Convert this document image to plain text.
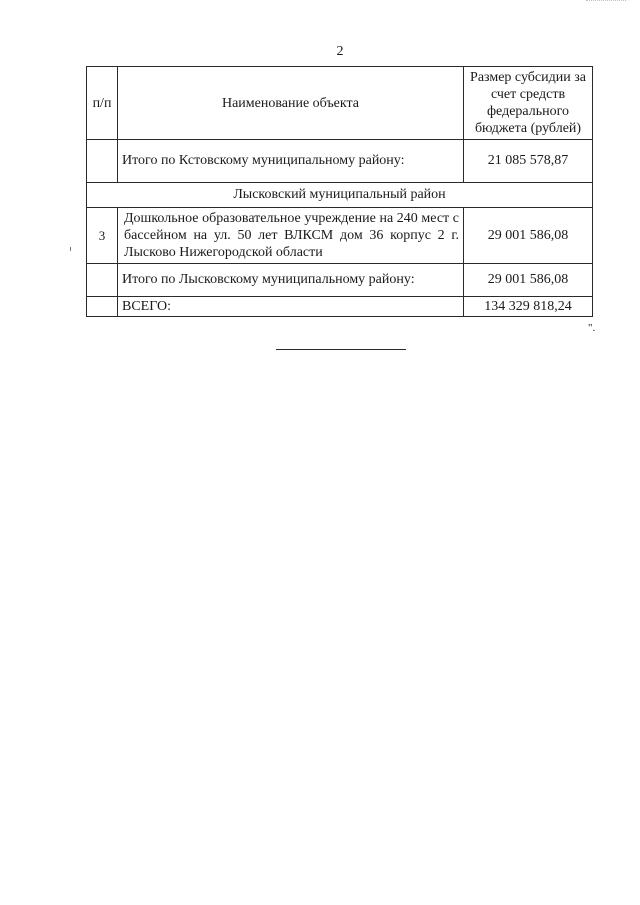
2
п/п	Наименование объекта	Размер субсидии за счет средств федерального бюджета (рублей)
	Итого по Кстовскому муниципальному району:	21 085 578,87
Лысковский муниципальный район		
3	Дошкольное образовательное учреждение на 240 мест с бассейном на ул. 50 лет ВЛКСМ дом 36 корпус 2 г. Лысково Нижегородской области	29 001 586,08
	Итого по Лысковскому муниципальному району:	29 001 586,08
	ВСЕГО:	134 329 818,24
".
